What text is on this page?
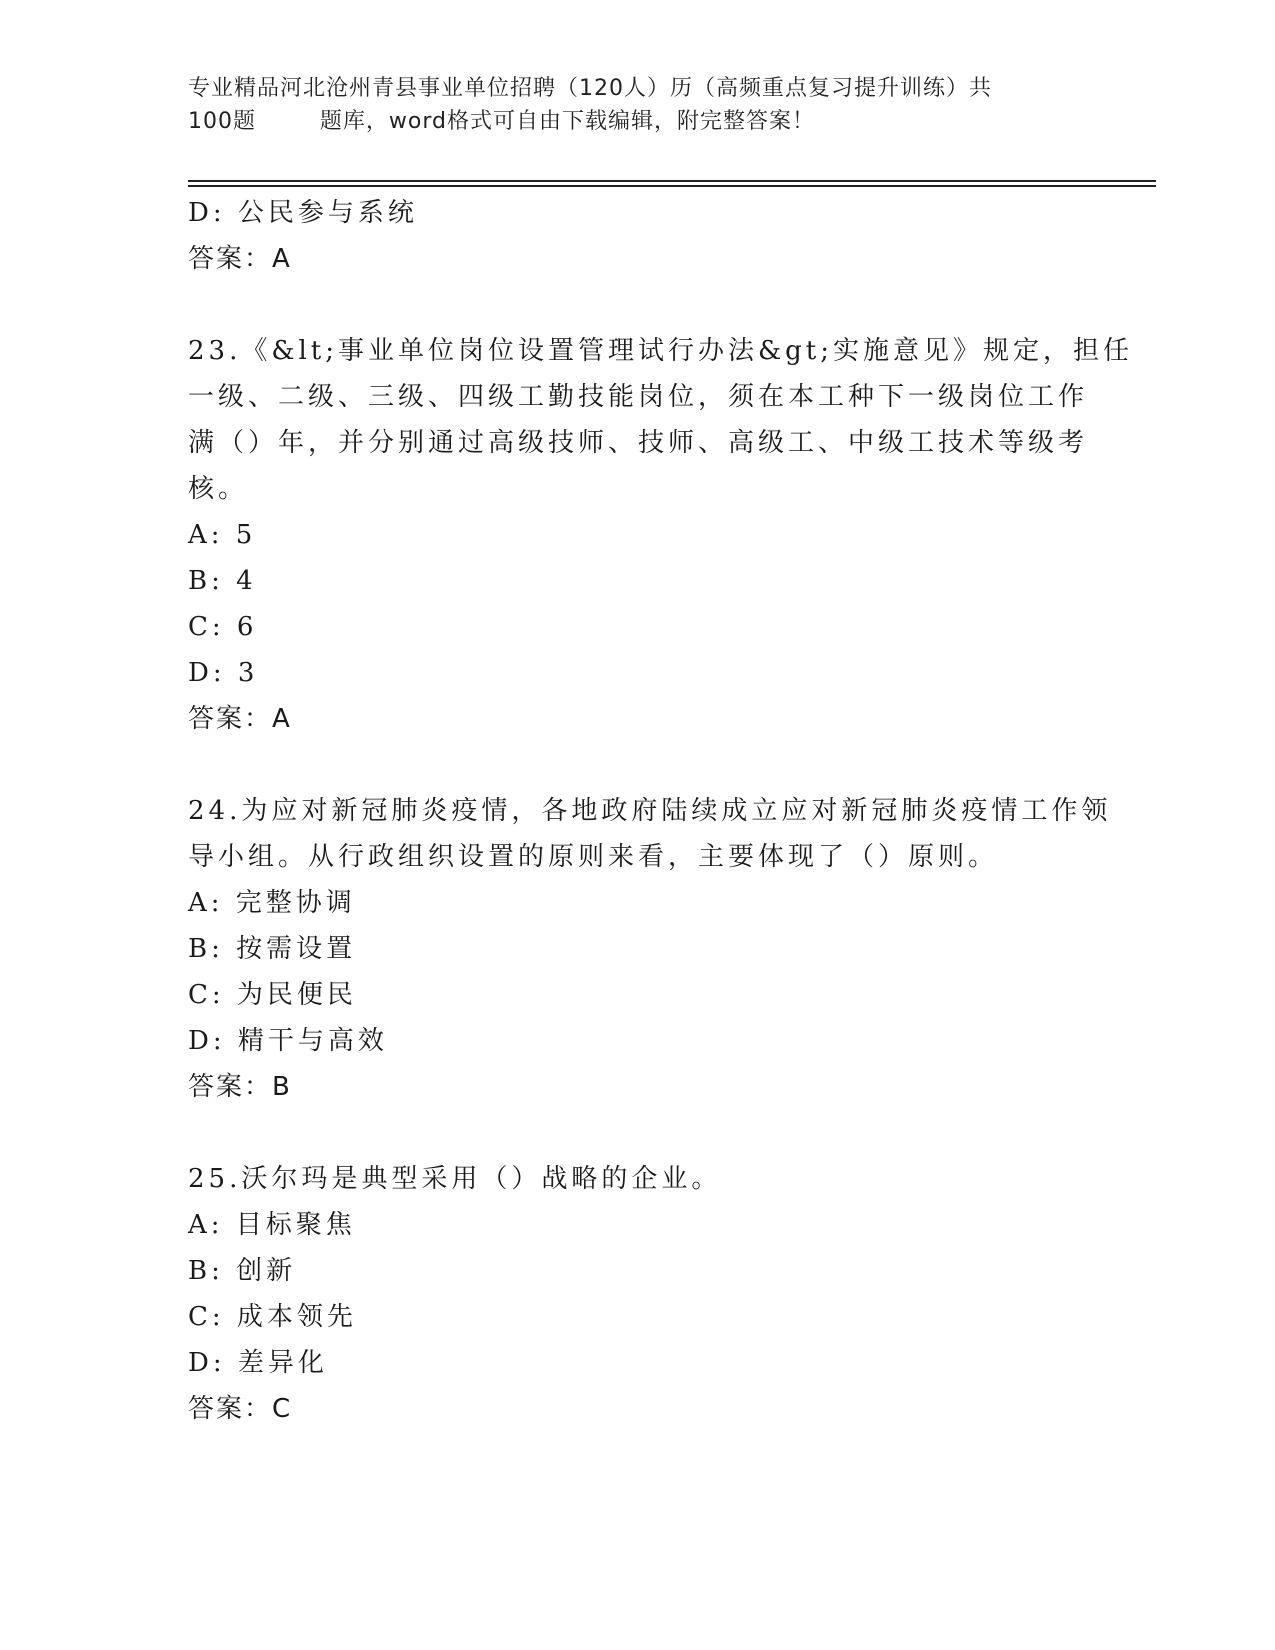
专业精品河北沧州青县事业单位招聘（120人）历（高频重点复习提升训练）共
100题        题库，word格式可自由下载编辑，附完整答案！
D: 公民参与系统
答案：A
23.《&lt;事业单位岗位设置管理试行办法&gt;实施意见》规定，担任
一级、二级、三级、四级工勤技能岗位，须在本工种下一级岗位工作
满（）年，并分别通过高级技师、技师、高级工、中级工技术等级考
核。
A: 5
B: 4
C: 6
D: 3
答案：A
24.为应对新冠肺炎疫情，各地政府陆续成立应对新冠肺炎疫情工作领
导小组。从行政组织设置的原则来看，主要体现了（）原则。
A: 完整协调
B: 按需设置
C: 为民便民
D: 精干与高效
答案：B
25.沃尔玛是典型采用（）战略的企业。
A: 目标聚焦
B: 创新
C: 成本领先
D: 差异化
答案：C
